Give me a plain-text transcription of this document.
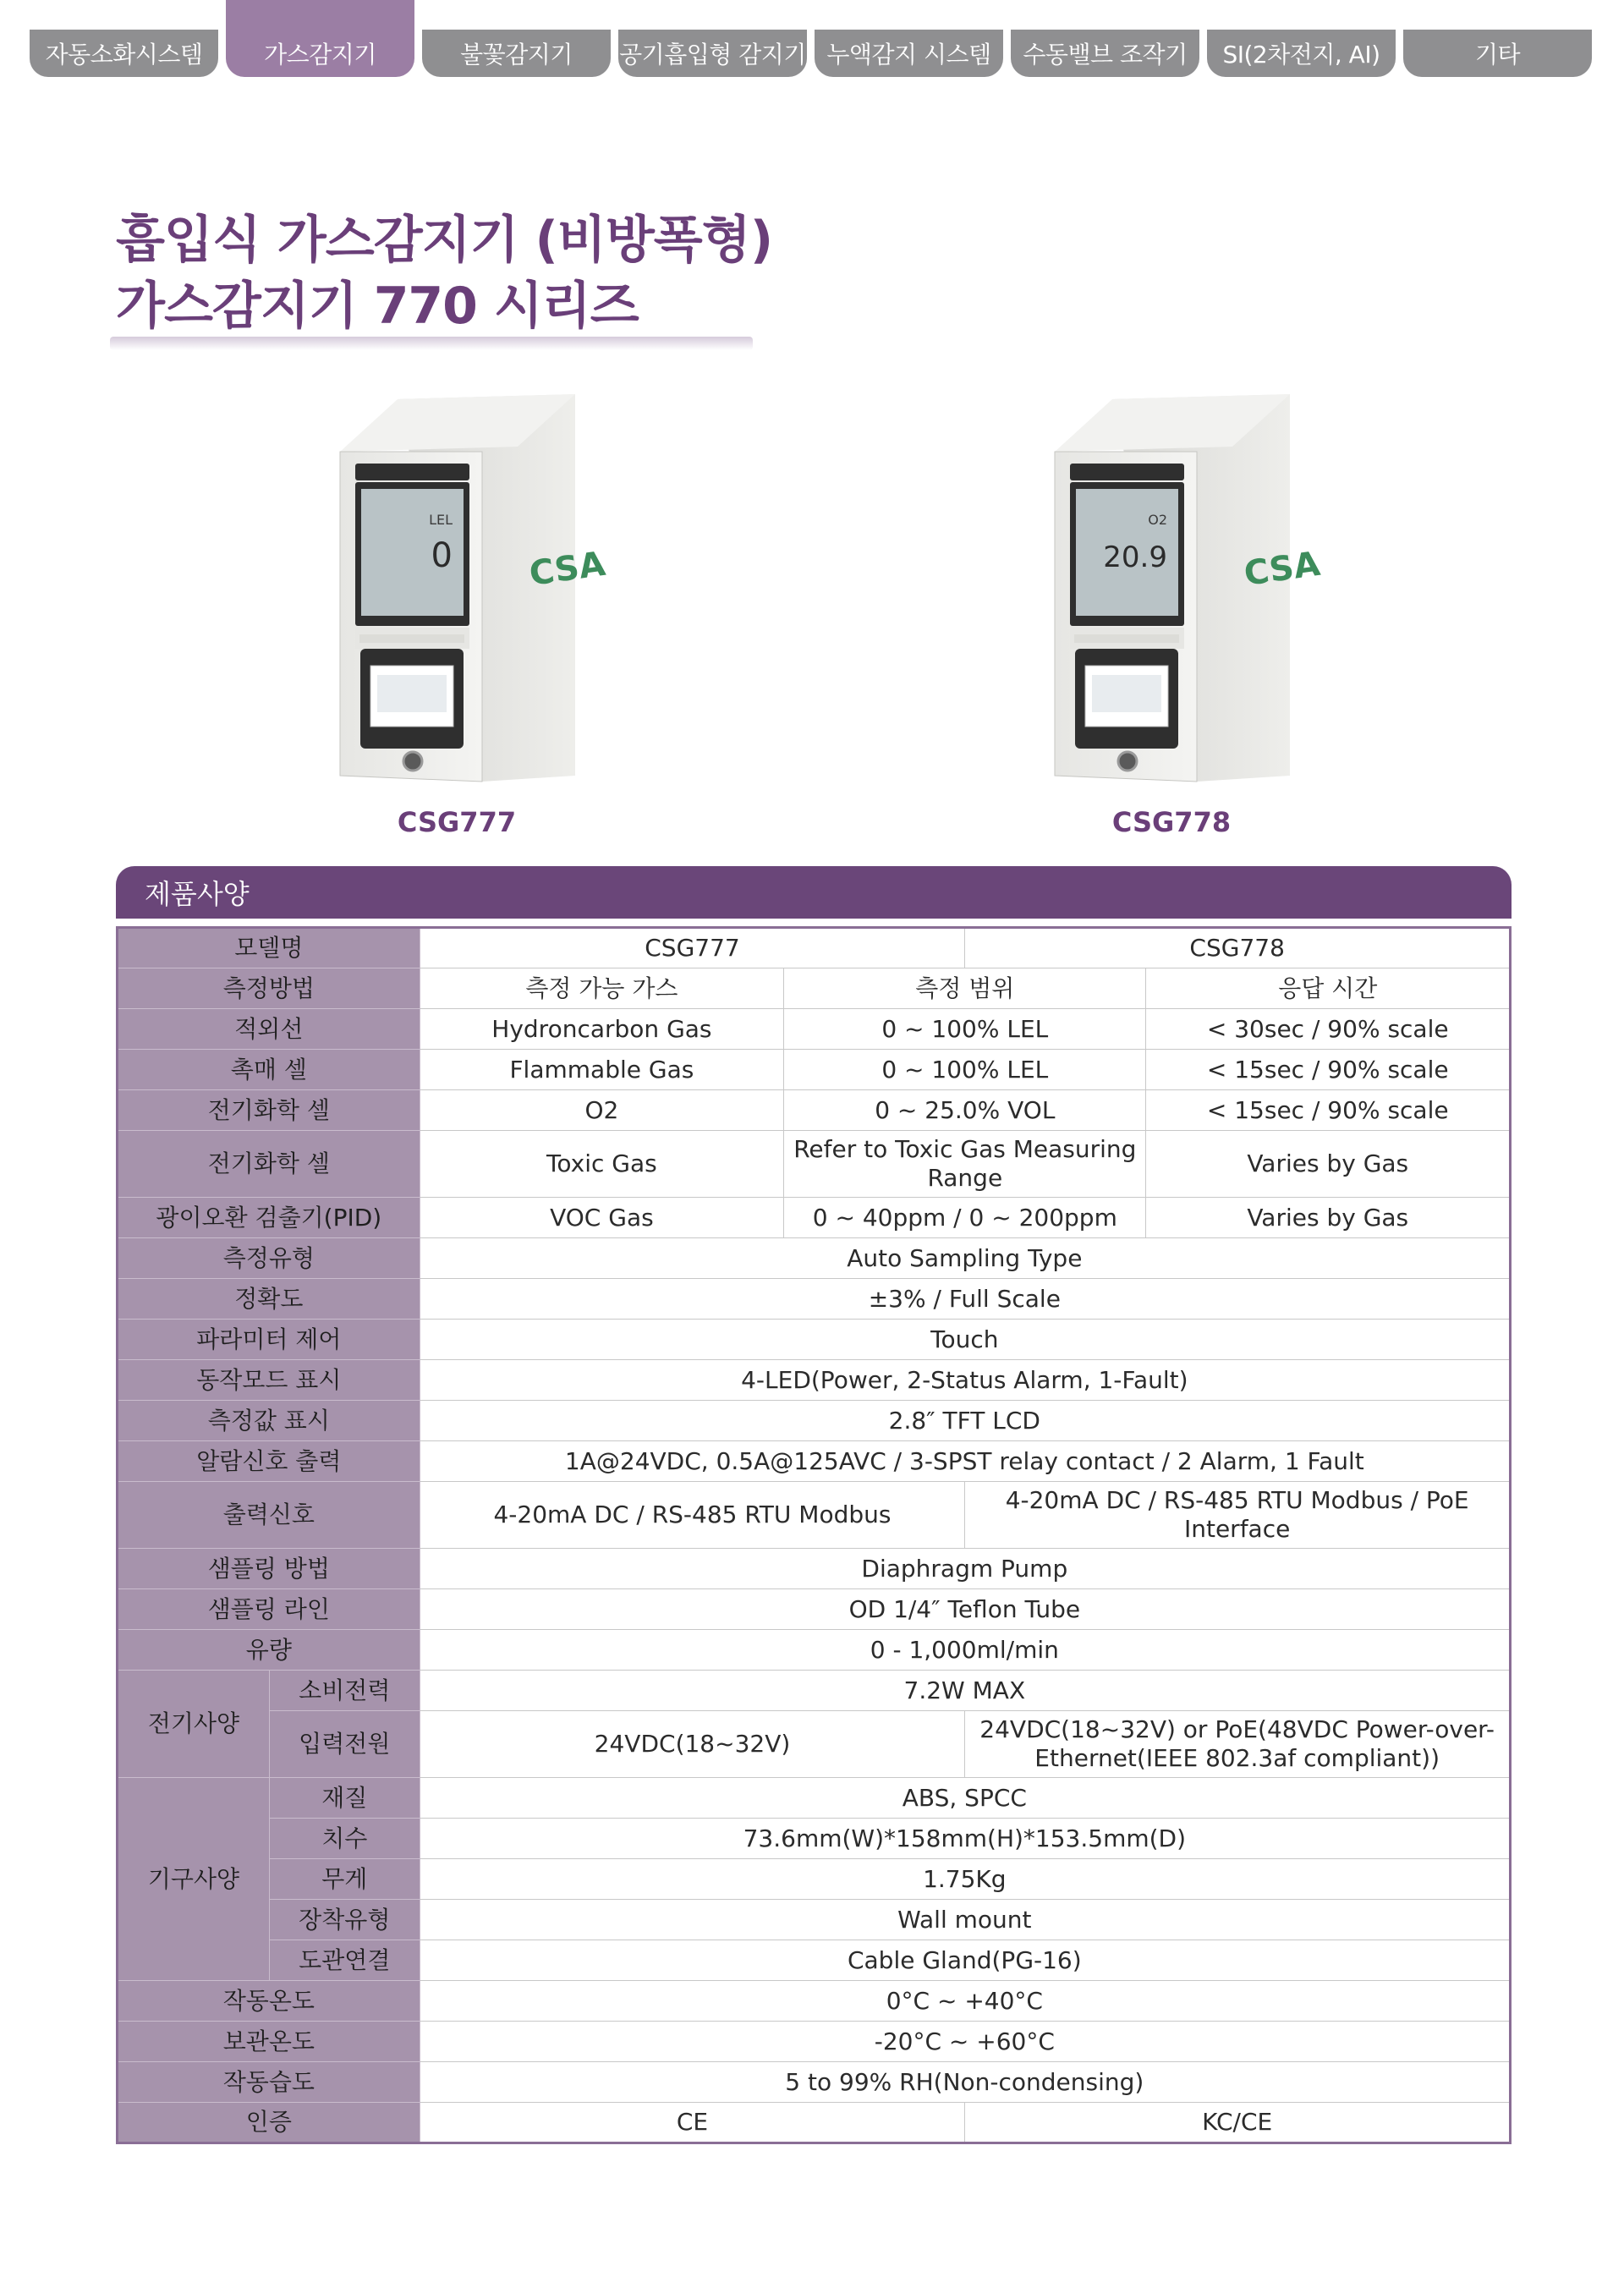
자동소화시스템	가스감지기	불꽃감지기	공기흡입형 감지기 누액감지 시스템	수동밸브 조작기	SI(2차전지, AI)	기타
흡입식 가스감지기 (비방폭형)
가스감지기 770 시리즈
CSA
LEL
0
CSG777
CSA
O2
20.9
CSG778
제품사양
모델명		CSG777		CSG778	
측정방법		측정 가능 가스	측정 범위		응답 시간
적외선		Hydroncarbon Gas	0 ~ 100% LEL		< 30sec / 90% scale
촉매 셀		Flammable Gas	0 ~ 100% LEL		< 15sec / 90% scale
전기화학 셀		O2	0 ~ 25.0% VOL		< 15sec / 90% scale
전기화학 셀		Toxic Gas	Refer to Toxic Gas Measuring Range		Varies by Gas
광이오환 검출기(PID)		VOC Gas	0 ~ 40ppm / 0 ~ 200ppm		Varies by Gas
측정유형		Auto Sampling Type			
정확도		±3% / Full Scale			
파라미터 제어		Touch			
동작모드 표시		4-LED(Power, 2-Status Alarm, 1-Fault)			
측정값 표시		2.8″ TFT LCD			
알람신호 출력		1A@24VDC, 0.5A@125AVC / 3-SPST relay contact / 2 Alarm, 1 Fault			
출력신호		4-20mA DC / RS-485 RTU Modbus		4-20mA DC / RS-485 RTU Modbus / PoE Interface	
샘플링 방법		Diaphragm Pump			
샘플링 라인		OD 1/4″ Teflon Tube			
유량		0 - 1,000ml/min			
전기사양	소비전력	7.2W MAX			
	입력전원	24VDC(18~32V)		24VDC(18~32V) or PoE(48VDC Power-over-Ethernet(IEEE 802.3af compliant))	
기구사양	재질	ABS, SPCC			
	치수	73.6mm(W)*158mm(H)*153.5mm(D)			
	무게	1.75Kg			
	장착유형	Wall mount			
	도관연결	Cable Gland(PG-16)			
작동온도		0°C ~ +40°C			
보관온도		-20°C ~ +60°C			
작동습도		5 to 99% RH(Non-condensing)			
인증		CE		KC/CE	
